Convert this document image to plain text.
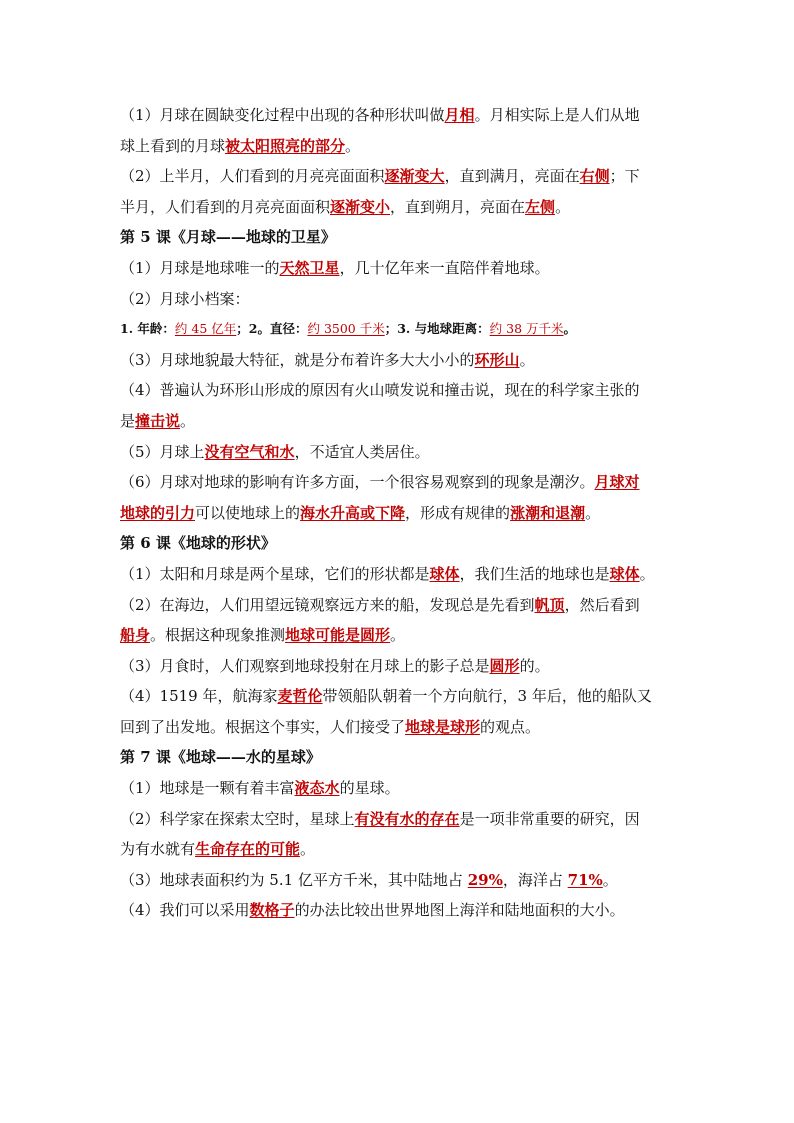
（1）月球在圆缺变化过程中出现的各种形状叫做月相。月相实际上是人们从地

球上看到的月球被太阳照亮的部分。

（2）上半月，人们看到的月亮亮面面积逐渐变大，直到满月，亮面在右侧；下

半月，人们看到的月亮亮面面积逐渐变小，直到朔月，亮面在左侧。

第 5 课《月球——地球的卫星》

（1）月球是地球唯一的天然卫星，几十亿年来一直陪伴着地球。

（2）月球小档案：

1. 年龄：约 45 亿年；2。直径：约 3500 千米；3. 与地球距离：约 38 万千米。

（3）月球地貌最大特征，就是分布着许多大大小小的环形山。

（4）普遍认为环形山形成的原因有火山喷发说和撞击说，现在的科学家主张的

是撞击说。

（5）月球上没有空气和水，不适宜人类居住。

（6）月球对地球的影响有许多方面，一个很容易观察到的现象是潮汐。月球对

地球的引力可以使地球上的海水升高或下降，形成有规律的涨潮和退潮。

第 6 课《地球的形状》

（1）太阳和月球是两个星球，它们的形状都是球体，我们生活的地球也是球体。

（2）在海边，人们用望远镜观察远方来的船，发现总是先看到帆顶，然后看到

船身。根据这种现象推测地球可能是圆形。

（3）月食时，人们观察到地球投射在月球上的影子总是圆形的。

（4）1519 年，航海家麦哲伦带领船队朝着一个方向航行，3 年后，他的船队又

回到了出发地。根据这个事实，人们接受了地球是球形的观点。

第 7 课《地球——水的星球》

（1）地球是一颗有着丰富液态水的星球。

（2）科学家在探索太空时，星球上有没有水的存在是一项非常重要的研究，因

为有水就有生命存在的可能。

（3）地球表面积约为 5.1 亿平方千米，其中陆地占 29%，海洋占 71%。

（4）我们可以采用数格子的办法比较出世界地图上海洋和陆地面积的大小。
